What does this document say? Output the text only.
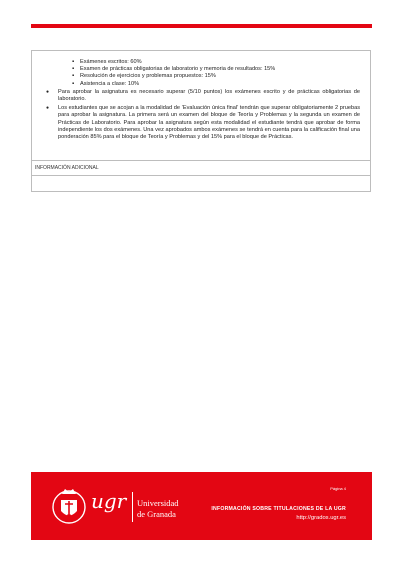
▪ Exámenes escritos: 60%
▪ Examen de prácticas obligatorias de laboratorio y memoria de resultados: 15%
▪ Resolución de ejercicios y problemas propuestos: 15%
▪ Asistencia a clase: 10%
● Para aprobar la asignatura es necesario superar (5/10 puntos) los exámenes escrito y de prácticas obligatorias de laboratorio.
● Los estudiantes que se acojan a la modalidad de ‘Evaluación única final’ tendrán que superar obligatoriamente 2 pruebas para aprobar la asignatura. La primera será un examen del bloque de Teoría y Problemas y la segunda un examen de Prácticas de Laboratorio. Para aprobar la asignatura según esta modalidad el estudiante tendrá que aprobar de forma independiente los dos exámenes. Una vez aprobados ambos exámenes se tendrá en cuenta para la calificación final una ponderación 85% para el bloque de Teoría y Problemas y del 15% para el bloque de Prácticas.
INFORMACIÓN ADICIONAL
ugr Universidad
de Granada
Página 4
INFORMACIÓN SOBRE TITULACIONES DE LA UGR
http://grados.ugr.es
